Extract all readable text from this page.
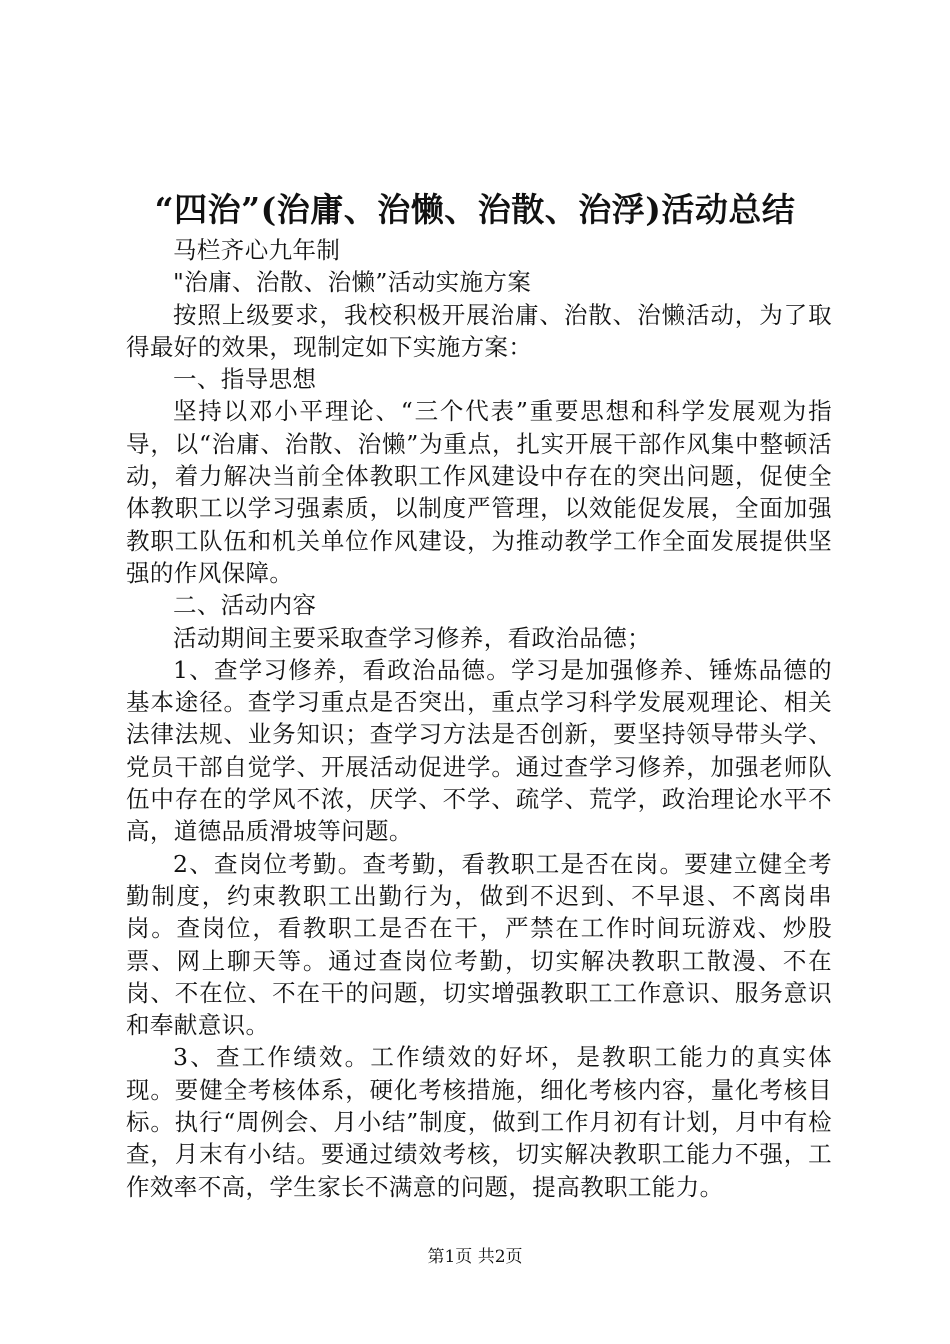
“四治”(治庸、治懒、治散、治浮)活动总结

马栏齐心九年制

"治庸、治散、治懒”活动实施方案

按照上级要求，我校积极开展治庸、治散、治懒活动，为了取得最好的效果，现制定如下实施方案：

一、指导思想

坚持以邓小平理论、“三个代表”重要思想和科学发展观为指导，以“治庸、治散、治懒”为重点，扎实开展干部作风集中整顿活动，着力解决当前全体教职工作风建设中存在的突出问题，促使全体教职工以学习强素质，以制度严管理，以效能促发展，全面加强教职工队伍和机关单位作风建设，为推动教学工作全面发展提供坚强的作风保障。

二、活动内容

活动期间主要采取查学习修养，看政治品德；

1、查学习修养，看政治品德。学习是加强修养、锤炼品德的基本途径。查学习重点是否突出，重点学习科学发展观理论、相关法律法规、业务知识；查学习方法是否创新，要坚持领导带头学、党员干部自觉学、开展活动促进学。通过查学习修养，加强老师队伍中存在的学风不浓，厌学、不学、疏学、荒学，政治理论水平不高，道德品质滑坡等问题。

2、查岗位考勤。查考勤，看教职工是否在岗。要建立健全考勤制度，约束教职工出勤行为，做到不迟到、不早退、不离岗串岗。查岗位，看教职工是否在干，严禁在工作时间玩游戏、炒股票、网上聊天等。通过查岗位考勤，切实解决教职工散漫、不在岗、不在位、不在干的问题，切实增强教职工工作意识、服务意识和奉献意识。

3、查工作绩效。工作绩效的好坏，是教职工能力的真实体现。要健全考核体系，硬化考核措施，细化考核内容，量化考核目标。执行“周例会、月小结”制度，做到工作月初有计划，月中有检查，月末有小结。要通过绩效考核，切实解决教职工能力不强，工作效率不高，学生家长不满意的问题，提高教职工能力。

第1页 共2页
